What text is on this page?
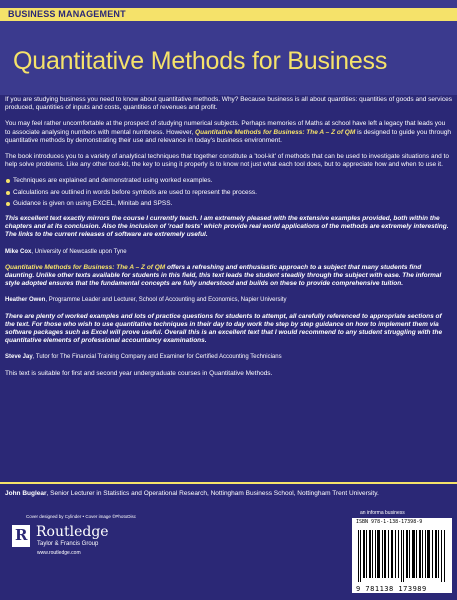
BUSINESS MANAGEMENT
Quantitative Methods for Business

If you are studying business you need to know about quantitative methods. Why? Because business is all about quantities: quantities of goods and services produced, quantities of inputs and costs, quantities of revenues and profit.

You may feel rather uncomfortable at the prospect of studying numerical subjects. Perhaps memories of Maths at school have left a legacy that leads you to associate analysing numbers with mental numbness. However, Quantitative Methods for Business: The A – Z of QM is designed to guide you through quantitative methods by demonstrating their use and relevance in today's business environment.

The book introduces you to a variety of analytical techniques that together constitute a 'tool-kit' of methods that can be used to investigate situations and to help solve problems. Like any other tool-kit, the key to using it properly is to know not just what each tool does, but to appreciate how and when to use it.

Techniques are explained and demonstrated using worked examples.
Calculations are outlined in words before symbols are used to represent the process.
Guidance is given on using EXCEL, Minitab and SPSS.

This excellent text exactly mirrors the course I currently teach. I am extremely pleased with the extensive examples provided, both within the chapters and at its conclusion. Also the inclusion of 'road tests' which provide real world applications of the methods are extremely interesting. The links to the current releases of software are extremely useful.

Mike Cox, University of Newcastle upon Tyne

Quantitative Methods for Business: The A – Z of QM offers a refreshing and enthusiastic approach to a subject that many students find daunting. Unlike other texts available for students in this field, this text leads the student steadily through the subject with ease. The informal style adopted ensures that the fundamental concepts are fully understood and builds on these to provide comprehensive tuition.

Heather Owen, Programme Leader and Lecturer, School of Accounting and Economics, Napier University

There are plenty of worked examples and lots of practice questions for students to attempt, all carefully referenced to appropriate sections of the text. For those who wish to use quantitative techniques in their day to day work the step by step guidance on how to implement them via software packages such as Excel will prove useful. Overall this is an excellent text that I would recommend to any student struggling with the quantitative elements of professional accountancy examinations.

Steve Jay, Tutor for The Financial Training Company and Examiner for Certified Accounting Technicians

This text is suitable for first and second year undergraduate courses in Quantitative Methods.

John Buglear, Senior Lecturer in Statistics and Operational Research, Nottingham Business School, Nottingham Trent University.
Cover designed by Cylinder • Cover image ©PhotoDisc
R Routledge
Taylor & Francis Group
www.routledge.com
an informa business
ISBN 978-1-138-17398-9
9 781138 173989
